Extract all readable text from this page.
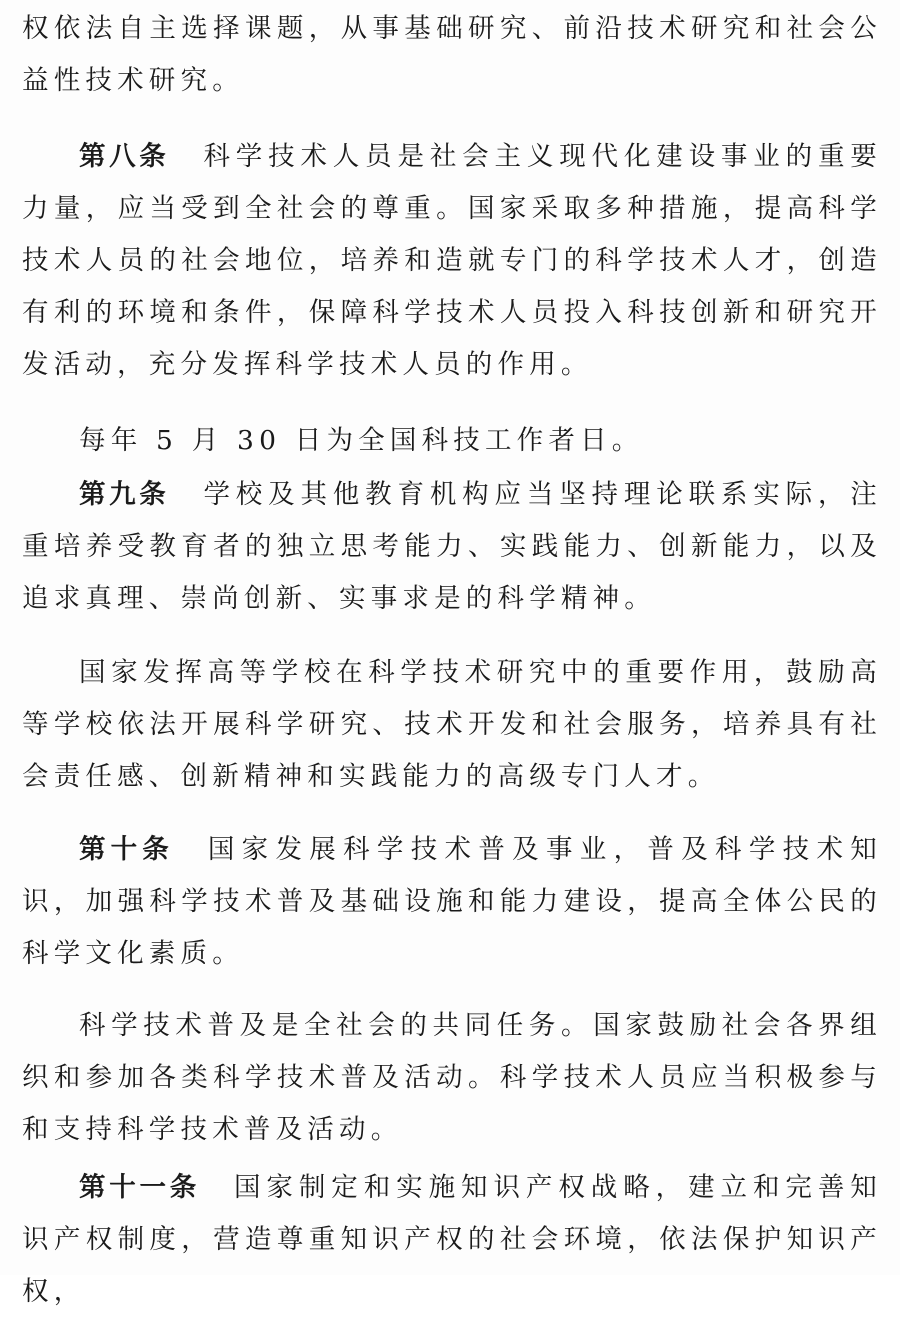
权依法自主选择课题，从事基础研究、前沿技术研究和社会公益性技术研究。

第八条 科学技术人员是社会主义现代化建设事业的重要力量，应当受到全社会的尊重。国家采取多种措施，提高科学技术人员的社会地位，培养和造就专门的科学技术人才，创造有利的环境和条件，保障科学技术人员投入科技创新和研究开发活动，充分发挥科学技术人员的作用。

每年 5 月 30 日为全国科技工作者日。

第九条 学校及其他教育机构应当坚持理论联系实际，注重培养受教育者的独立思考能力、实践能力、创新能力，以及追求真理、崇尚创新、实事求是的科学精神。

国家发挥高等学校在科学技术研究中的重要作用，鼓励高等学校依法开展科学研究、技术开发和社会服务，培养具有社会责任感、创新精神和实践能力的高级专门人才。

第十条 国家发展科学技术普及事业，普及科学技术知识，加强科学技术普及基础设施和能力建设，提高全体公民的科学文化素质。

科学技术普及是全社会的共同任务。国家鼓励社会各界组织和参加各类科学技术普及活动。科学技术人员应当积极参与和支持科学技术普及活动。

第十一条 国家制定和实施知识产权战略，建立和完善知识产权制度，营造尊重知识产权的社会环境，依法保护知识产权，
